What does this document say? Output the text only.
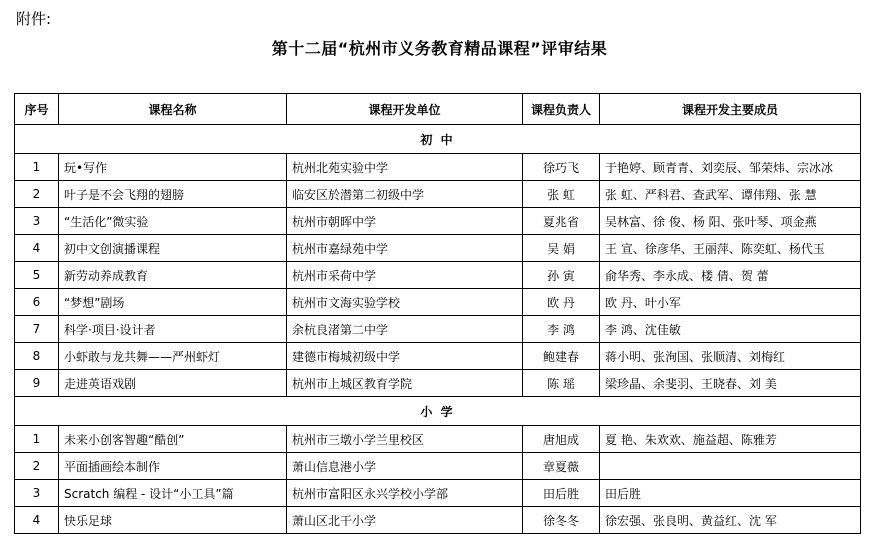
附件:
第十二届“杭州市义务教育精品课程”评审结果
序号	课程名称	课程开发单位	课程负责人	课程开发主要成员
初 中				
1	玩•写作	杭州北苑实验中学	徐巧飞	于艳婷、顾青青、刘奕辰、邹荣炜、宗冰冰
2	叶子是不会飞翔的翅膀	临安区於潜第二初级中学	张 虹	张 虹、严科君、查武军、谭伟翔、张 慧
3	“生活化”微实验	杭州市朝晖中学	夏兆省	吴林富、徐 俊、杨 阳、张叶琴、项金燕
4	初中文创演播课程	杭州市嘉绿苑中学	吴 娟	王 宣、徐彦华、王丽萍、陈奕虹、杨代玉
5	新劳动养成教育	杭州市采荷中学	孙 寅	俞华秀、李永成、楼 倩、贺 蕾
6	“梦想”剧场	杭州市文海实验学校	欧 丹	欧 丹、叶小军
7	科学·项目·设计者	余杭良渚第二中学	李 鸿	李 鸿、沈佳敏
8	小虾敢与龙共舞——严州虾灯	建德市梅城初级中学	鲍建春	蒋小明、张洵国、张顺清、刘梅红
9	走进英语戏剧	杭州市上城区教育学院	陈 瑶	梁珍晶、余斐羽、王晓春、刘 美
小 学				
1	未来小创客智趣“酷创”	杭州市三墩小学兰里校区	唐旭成	夏 艳、朱欢欢、施益超、陈雅芳
2	平面插画绘本制作	萧山信息港小学	章夏薇	
3	Scratch 编程 - 设计“小工具”篇	杭州市富阳区永兴学校小学部	田后胜	田后胜
4	快乐足球	萧山区北干小学	徐冬冬	徐宏强、张良明、黄益红、沈 军
